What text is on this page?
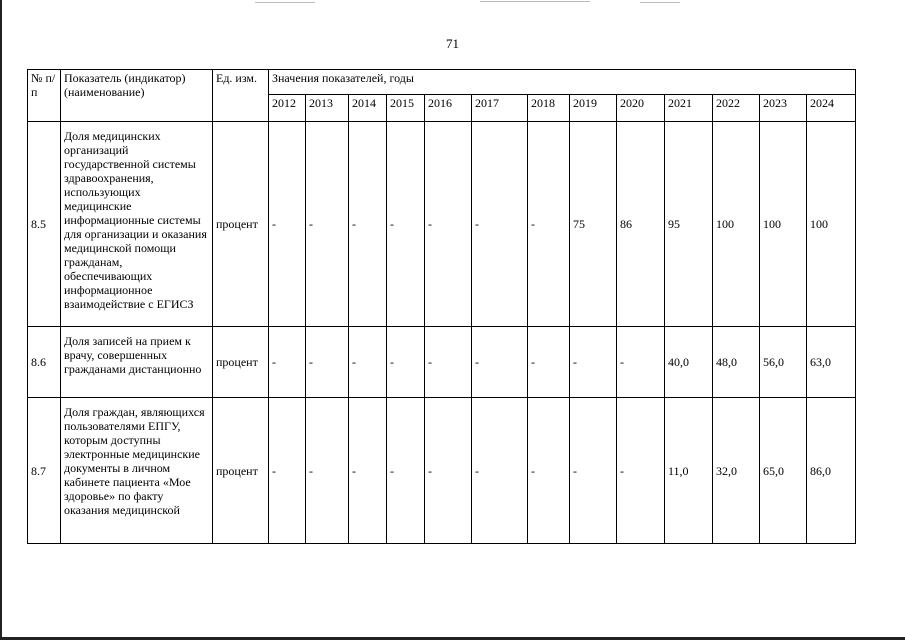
71
№ п/п	Показатель (индикатор) (наименование)	Ед. изм.	Значения показателей, годы												
			2012	2013	2014	2015	2016	2017	2018	2019	2020	2021	2022	2023	2024
8.5	Доля медицинских организаций государственной системы здравоохранения, использующих медицинские информационные системы для организации и оказания медицинской помощи гражданам, обеспечивающих информационное взаимодействие с ЕГИСЗ	процент	-	-	-	-	-	-	-	75	86	95	100	100	100
8.6	Доля записей на прием к врачу, совершенных гражданами дистанционно	процент	-	-	-	-	-	-	-	-	-	40,0	48,0	56,0	63,0
8.7	Доля граждан, являющихся пользователями ЕПГУ, которым доступны электронные медицинские документы в личном кабинете пациента «Мое здоровье» по факту оказания медицинской	процент	-	-	-	-	-	-	-	-	-	11,0	32,0	65,0	86,0
